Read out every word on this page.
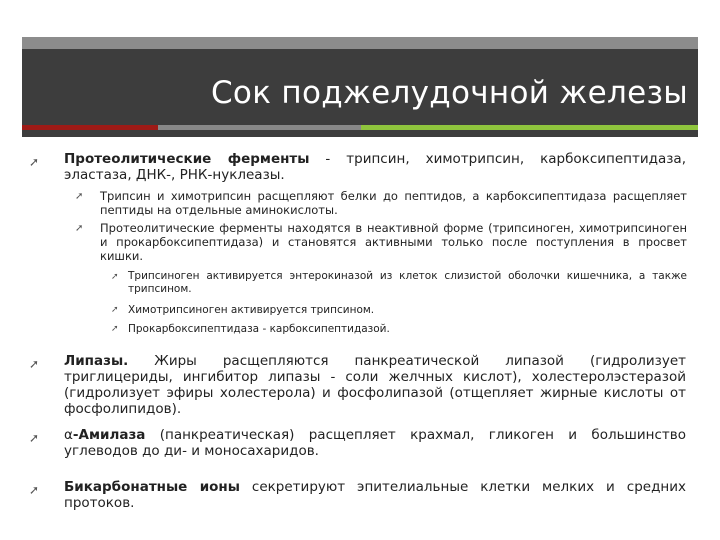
Сок поджелудочной железы
➚ Протеолитические ферменты - трипсин, химотрипсин, карбоксипептидаза, эластаза, ДНК-, РНК-нуклеазы.
➚ Трипсин и химотрипсин расщепляют белки до пептидов, а карбоксипептидаза расщепляет пептиды на отдельные аминокислоты.
➚ Протеолитические ферменты находятся в неактивной форме (трипсиноген, химотрипсиноген и прокарбоксипептидаза) и становятся активными только после поступления в просвет кишки.
➚ Трипсиноген активируется энтерокиназой из клеток слизистой оболочки кишечника, а также трипсином.
➚ Химотрипсиноген активируется трипсином.
➚ Прокарбоксипептидаза - карбоксипептидазой.
➚ Липазы. Жиры расщепляются панкреатической липазой (гидролизует триглицериды, ингибитор липазы - соли желчных кислот), холестеролэстеразой (гидролизует эфиры холестерола) и фосфолипазой (отщепляет жирные кислоты от фосфолипидов).
➚ α-Амилаза (панкреатическая) расщепляет крахмал, гликоген и большинство углеводов до ди- и моносахаридов.
➚ Бикарбонатные ионы секретируют эпителиальные клетки мелких и средних протоков.
